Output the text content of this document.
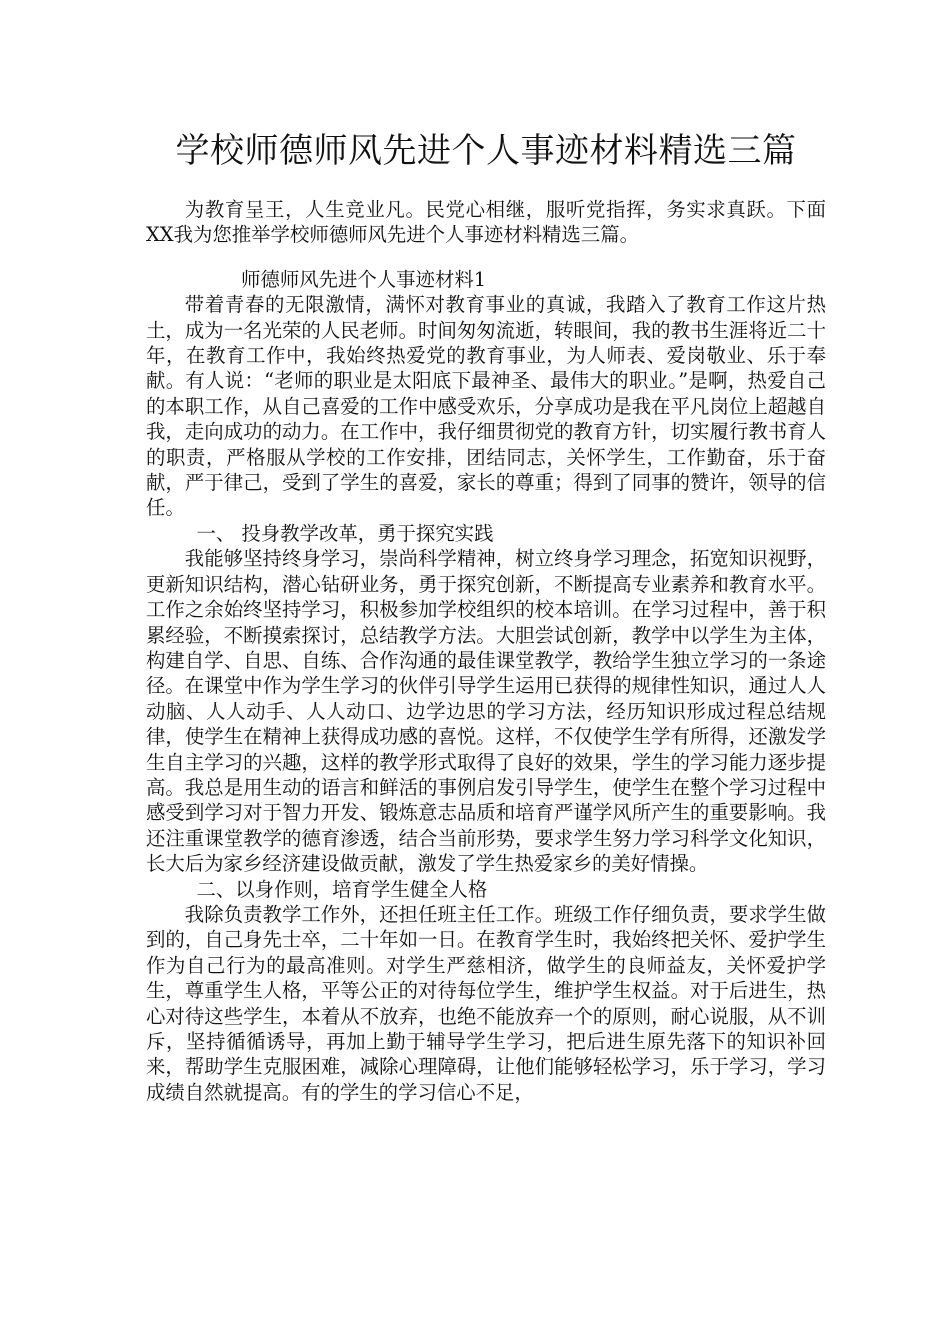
学校师德师风先进个人事迹材料精选三篇

为教育呈王，人生竞业凡。民党心相继，服听党指挥，务实求真跃。下面XX我为您推举学校师德师风先进个人事迹材料精选三篇。

师德师风先进个人事迹材料1

带着青春的无限激情，满怀对教育事业的真诚，我踏入了教育工作这片热土，成为一名光荣的人民老师。时间匆匆流逝，转眼间，我的教书生涯将近二十年，在教育工作中，我始终热爱党的教育事业，为人师表、爱岗敬业、乐于奉献。有人说：“老师的职业是太阳底下最神圣、最伟大的职业。”是啊，热爱自己的本职工作，从自己喜爱的工作中感受欢乐，分享成功是我在平凡岗位上超越自我，走向成功的动力。在工作中，我仔细贯彻党的教育方针，切实履行教书育人的职责，严格服从学校的工作安排，团结同志，关怀学生，工作勤奋，乐于奋献，严于律己，受到了学生的喜爱，家长的尊重；得到了同事的赞许，领导的信任。

一、 投身教学改革，勇于探究实践

我能够坚持终身学习，崇尚科学精神，树立终身学习理念，拓宽知识视野，更新知识结构，潜心钻研业务，勇于探究创新，不断提高专业素养和教育水平。工作之余始终坚持学习，积极参加学校组织的校本培训。在学习过程中，善于积累经验，不断摸索探讨，总结教学方法。大胆尝试创新，教学中以学生为主体，构建自学、自思、自练、合作沟通的最佳课堂教学，教给学生独立学习的一条途径。在课堂中作为学生学习的伙伴引导学生运用已获得的规律性知识，通过人人动脑、人人动手、人人动口、边学边思的学习方法，经历知识形成过程总结规律，使学生在精神上获得成功感的喜悦。这样，不仅使学生学有所得，还激发学生自主学习的兴趣，这样的教学形式取得了良好的效果，学生的学习能力逐步提高。我总是用生动的语言和鲜活的事例启发引导学生，使学生在整个学习过程中感受到学习对于智力开发、锻炼意志品质和培育严谨学风所产生的重要影响。我还注重课堂教学的德育渗透，结合当前形势，要求学生努力学习科学文化知识，长大后为家乡经济建设做贡献，激发了学生热爱家乡的美好情操。

二、以身作则，培育学生健全人格

我除负责教学工作外，还担任班主任工作。班级工作仔细负责，要求学生做到的，自己身先士卒，二十年如一日。在教育学生时，我始终把关怀、爱护学生作为自己行为的最高准则。对学生严慈相济，做学生的良师益友，关怀爱护学生，尊重学生人格，平等公正的对待每位学生，维护学生权益。对于后进生，热心对待这些学生，本着从不放弃，也绝不能放弃一个的原则，耐心说服，从不训斥，坚持循循诱导，再加上勤于辅导学生学习，把后进生原先落下的知识补回来，帮助学生克服困难，减除心理障碍，让他们能够轻松学习，乐于学习，学习成绩自然就提高。有的学生的学习信心不足，
